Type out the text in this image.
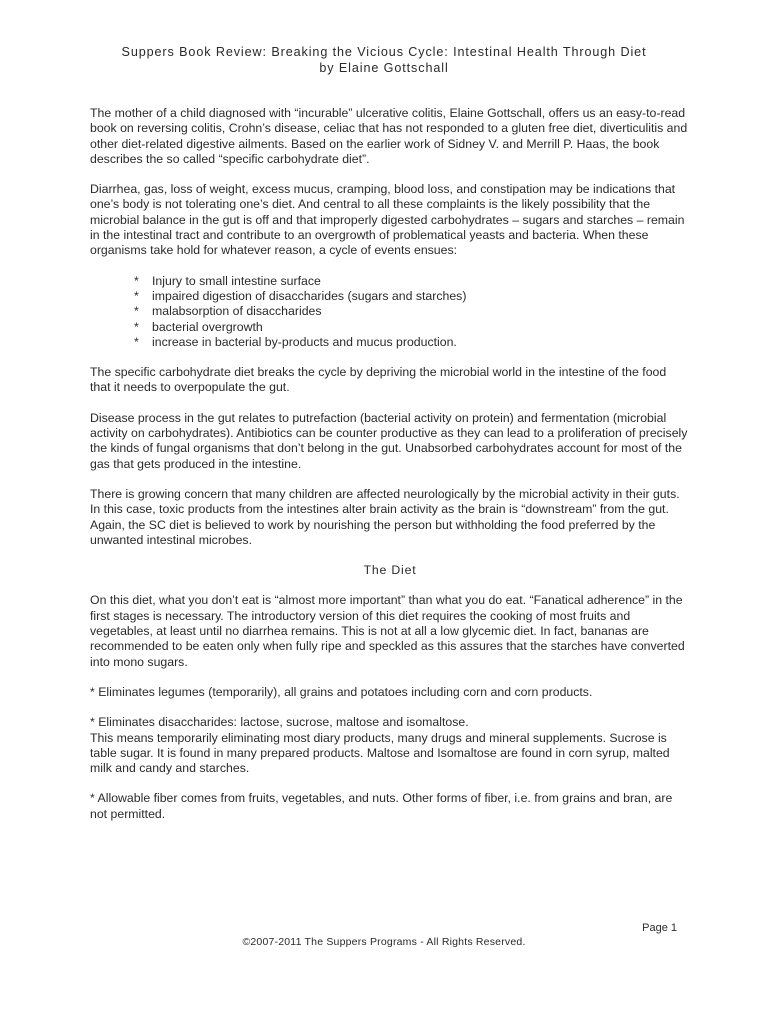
Suppers Book Review: Breaking the Vicious Cycle: Intestinal Health Through Diet
by Elaine Gottschall

The mother of a child diagnosed with “incurable” ulcerative colitis, Elaine Gottschall, offers us an easy-to-read book on reversing colitis, Crohn’s disease, celiac that has not responded to a gluten free diet, diverticulitis and other diet-related digestive ailments. Based on the earlier work of Sidney V. and Merrill P. Haas, the book describes the so called “specific carbohydrate diet”.

Diarrhea, gas, loss of weight, excess mucus, cramping, blood loss, and constipation may be indications that one’s body is not tolerating one’s diet. And central to all these complaints is the likely possibility that the microbial balance in the gut is off and that improperly digested carbohydrates – sugars and starches – remain in the intestinal tract and contribute to an overgrowth of problematical yeasts and bacteria. When these organisms take hold for whatever reason, a cycle of events ensues:

*	Injury to small intestine surface
*	impaired digestion of disaccharides (sugars and starches)
*	malabsorption of disaccharides
*	bacterial overgrowth
*	increase in bacterial by-products and mucus production.

The specific carbohydrate diet breaks the cycle by depriving the microbial world in the intestine of the food that it needs to overpopulate the gut.

Disease process in the gut relates to putrefaction (bacterial activity on protein) and fermentation (microbial activity on carbohydrates). Antibiotics can be counter productive as they can lead to a proliferation of precisely the kinds of fungal organisms that don’t belong in the gut. Unabsorbed carbohydrates account for most of the gas that gets produced in the intestine.

There is growing concern that many children are affected neurologically by the microbial activity in their guts. In this case, toxic products from the intestines alter brain activity as the brain is “downstream” from the gut. Again, the SC diet is believed to work by nourishing the person but withholding the food preferred by the unwanted intestinal microbes.

The Diet

On this diet, what you don’t eat is “almost more important” than what you do eat. “Fanatical adherence” in the first stages is necessary. The introductory version of this diet requires the cooking of most fruits and vegetables, at least until no diarrhea remains. This is not at all a low glycemic diet. In fact, bananas are recommended to be eaten only when fully ripe and speckled as this assures that the starches have converted into mono sugars.

* Eliminates legumes (temporarily), all grains and potatoes including corn and corn products.

* Eliminates disaccharides: lactose, sucrose, maltose and isomaltose.
This means temporarily eliminating most diary products, many drugs and mineral supplements. Sucrose is table sugar. It is found in many prepared products. Maltose and Isomaltose are found in corn syrup, malted milk and candy and starches.

* Allowable fiber comes from fruits, vegetables, and nuts. Other forms of fiber, i.e. from grains and bran, are not permitted.

Page 1
©2007-2011 The Suppers Programs - All Rights Reserved.
